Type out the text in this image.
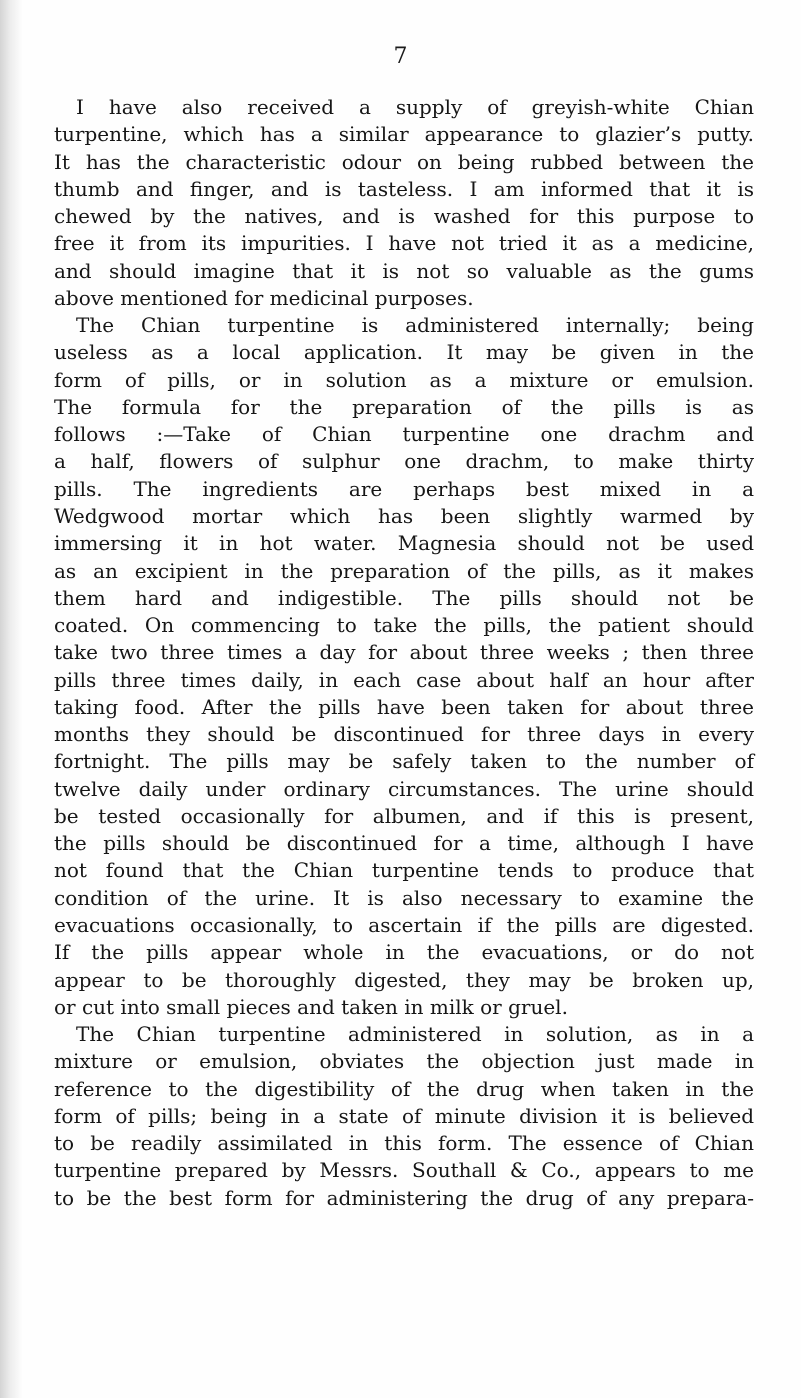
7
I have also received a supply of greyish-white Chian
turpentine, which has a similar appearance to glazier’s putty.
It has the characteristic odour on being rubbed between the
thumb and finger, and is tasteless. I am informed that it is
chewed by the natives, and is washed for this purpose to
free it from its impurities. I have not tried it as a medicine,
and should imagine that it is not so valuable as the gums
above mentioned for medicinal purposes.
The Chian turpentine is administered internally; being
useless as a local application. It may be given in the
form of pills, or in solution as a mixture or emulsion.
The formula for the preparation of the pills is as
follows :—Take of Chian turpentine one drachm and
a half, flowers of sulphur one drachm, to make thirty
pills. The ingredients are perhaps best mixed in a
Wedgwood mortar which has been slightly warmed by
immersing it in hot water. Magnesia should not be used
as an excipient in the preparation of the pills, as it makes
them hard and indigestible. The pills should not be
coated. On commencing to take the pills, the patient should
take two three times a day for about three weeks ; then three
pills three times daily, in each case about half an hour after
taking food. After the pills have been taken for about three
months they should be discontinued for three days in every
fortnight. The pills may be safely taken to the number of
twelve daily under ordinary circumstances. The urine should
be tested occasionally for albumen, and if this is present,
the pills should be discontinued for a time, although I have
not found that the Chian turpentine tends to produce that
condition of the urine. It is also necessary to examine the
evacuations occasionally, to ascertain if the pills are digested.
If the pills appear whole in the evacuations, or do not
appear to be thoroughly digested, they may be broken up,
or cut into small pieces and taken in milk or gruel.
The Chian turpentine administered in solution, as in a
mixture or emulsion, obviates the objection just made in
reference to the digestibility of the drug when taken in the
form of pills; being in a state of minute division it is believed
to be readily assimilated in this form. The essence of Chian
turpentine prepared by Messrs. Southall & Co., appears to me
to be the best form for administering the drug of any prepara-
